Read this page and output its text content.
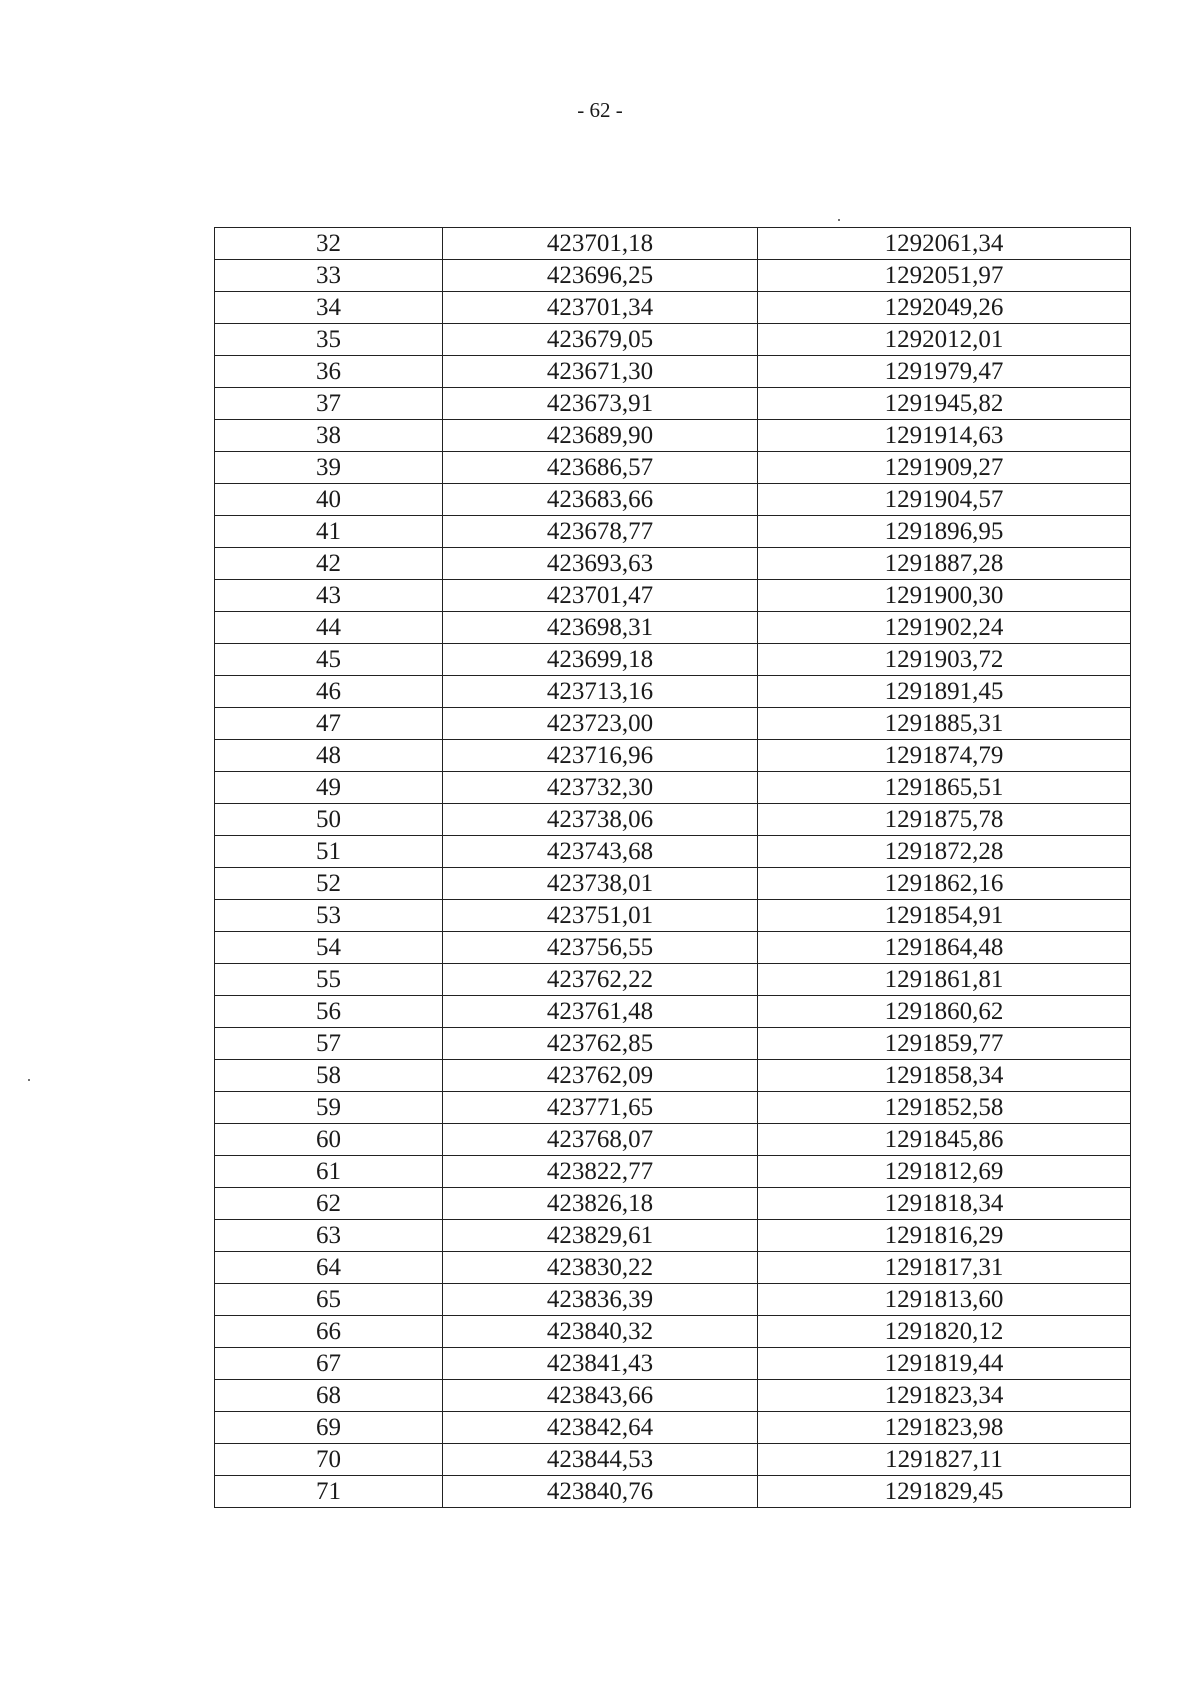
- 62 -
32	423701,18	1292061,34
33	423696,25	1292051,97
34	423701,34	1292049,26
35	423679,05	1292012,01
36	423671,30	1291979,47
37	423673,91	1291945,82
38	423689,90	1291914,63
39	423686,57	1291909,27
40	423683,66	1291904,57
41	423678,77	1291896,95
42	423693,63	1291887,28
43	423701,47	1291900,30
44	423698,31	1291902,24
45	423699,18	1291903,72
46	423713,16	1291891,45
47	423723,00	1291885,31
48	423716,96	1291874,79
49	423732,30	1291865,51
50	423738,06	1291875,78
51	423743,68	1291872,28
52	423738,01	1291862,16
53	423751,01	1291854,91
54	423756,55	1291864,48
55	423762,22	1291861,81
56	423761,48	1291860,62
57	423762,85	1291859,77
58	423762,09	1291858,34
59	423771,65	1291852,58
60	423768,07	1291845,86
61	423822,77	1291812,69
62	423826,18	1291818,34
63	423829,61	1291816,29
64	423830,22	1291817,31
65	423836,39	1291813,60
66	423840,32	1291820,12
67	423841,43	1291819,44
68	423843,66	1291823,34
69	423842,64	1291823,98
70	423844,53	1291827,11
71	423840,76	1291829,45
